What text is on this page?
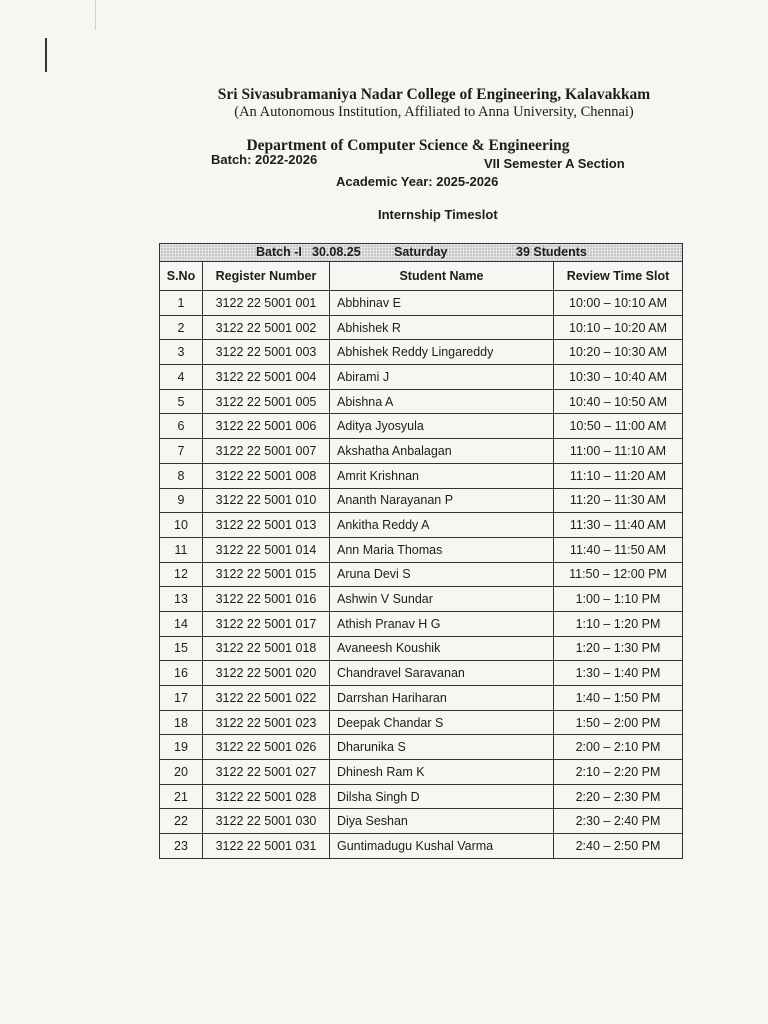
Sri Sivasubramaniya Nadar College of Engineering, Kalavakkam
(An Autonomous Institution, Affiliated to Anna University, Chennai)
Department of Computer Science & Engineering
Batch: 2022-2026	VII Semester A Section
Academic Year: 2025-2026
Internship Timeslot
Batch -I 30.08.25 Saturday 39 Students			

S.No	Register Number	Student Name	Review Time Slot
1	3122 22 5001 001	Abbhinav E	10:00 – 10:10 AM
2	3122 22 5001 002	Abhishek R	10:10 – 10:20 AM
3	3122 22 5001 003	Abhishek Reddy Lingareddy	10:20 – 10:30 AM
4	3122 22 5001 004	Abirami J	10:30 – 10:40 AM
5	3122 22 5001 005	Abishna A	10:40 – 10:50 AM
6	3122 22 5001 006	Aditya Jyosyula	10:50 – 11:00 AM
7	3122 22 5001 007	Akshatha Anbalagan	11:00 – 11:10 AM
8	3122 22 5001 008	Amrit Krishnan	11:10 – 11:20 AM
9	3122 22 5001 010	Ananth Narayanan P	11:20 – 11:30 AM
10	3122 22 5001 013	Ankitha Reddy A	11:30 – 11:40 AM
11	3122 22 5001 014	Ann Maria Thomas	11:40 – 11:50 AM
12	3122 22 5001 015	Aruna Devi S	11:50 – 12:00 PM
13	3122 22 5001 016	Ashwin V Sundar	1:00 – 1:10 PM
14	3122 22 5001 017	Athish Pranav H G	1:10 – 1:20 PM
15	3122 22 5001 018	Avaneesh Koushik	1:20 – 1:30 PM
16	3122 22 5001 020	Chandravel Saravanan	1:30 – 1:40 PM
17	3122 22 5001 022	Darrshan Hariharan	1:40 – 1:50 PM
18	3122 22 5001 023	Deepak Chandar S	1:50 – 2:00 PM
19	3122 22 5001 026	Dharunika S	2:00 – 2:10 PM
20	3122 22 5001 027	Dhinesh Ram K	2:10 – 2:20 PM
21	3122 22 5001 028	Dilsha Singh D	2:20 – 2:30 PM
22	3122 22 5001 030	Diya Seshan	2:30 – 2:40 PM
23	3122 22 5001 031	Guntimadugu Kushal Varma	2:40 – 2:50 PM
